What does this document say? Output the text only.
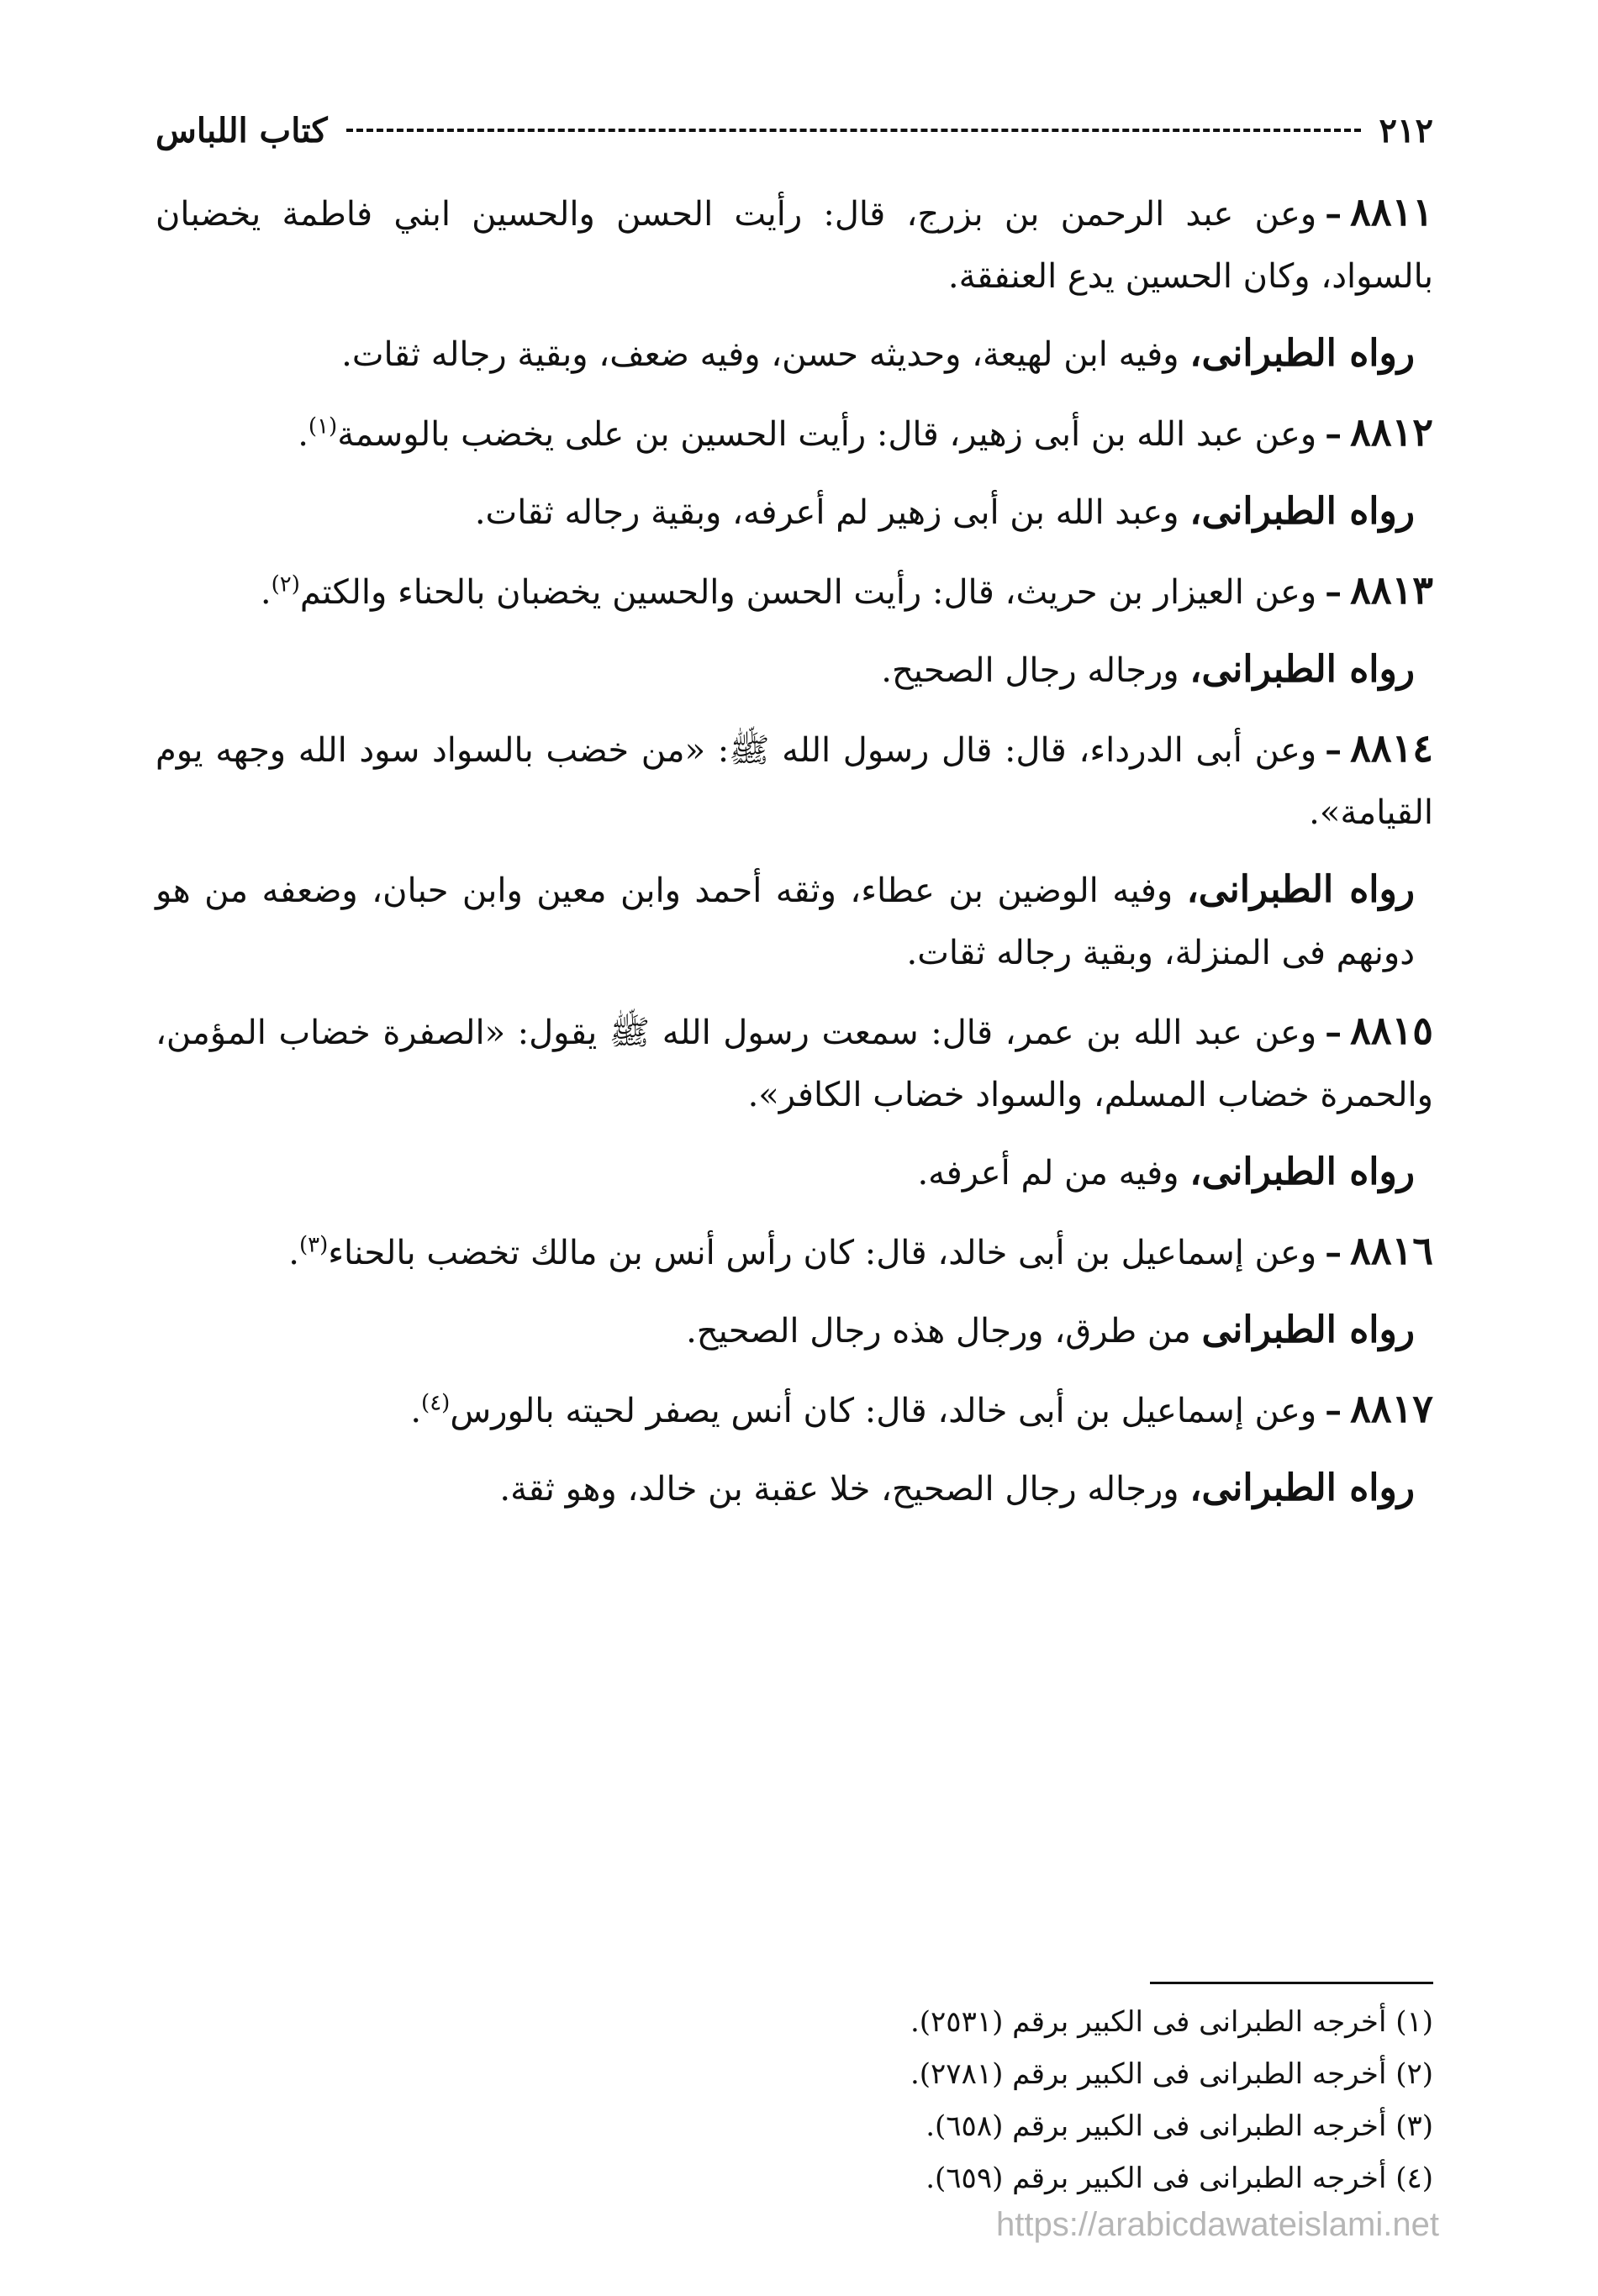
٢١٢
كتاب اللباس

٨٨١١–وعن عبد الرحمن بن بزرج، قال: رأيت الحسن والحسين ابني فاطمة يخضبان بالسواد، وكان الحسين يدع العنفقة.

رواه الطبرانى، وفيه ابن لهيعة، وحديثه حسن، وفيه ضعف، وبقية رجاله ثقات.

٨٨١٢–وعن عبد الله بن أبى زهير، قال: رأيت الحسين بن على يخضب بالوسمة$^{(١)}$.

رواه الطبرانى، وعبد الله بن أبى زهير لم أعرفه، وبقية رجاله ثقات.

٨٨١٣–وعن العيزار بن حريث، قال: رأيت الحسن والحسين يخضبان بالحناء والكتم$^{(٢)}$.

رواه الطبرانى، ورجاله رجال الصحيح.

٨٨١٤–وعن أبى الدرداء، قال: قال رسول الله ﷺ: «من خضب بالسواد سود الله وجهه يوم القيامة».

رواه الطبرانى، وفيه الوضين بن عطاء، وثقه أحمد وابن معين وابن حبان، وضعفه من هو دونهم فى المنزلة، وبقية رجاله ثقات.

٨٨١٥–وعن عبد الله بن عمر، قال: سمعت رسول الله ﷺ يقول: «الصفرة خضاب المؤمن، والحمرة خضاب المسلم، والسواد خضاب الكافر».

رواه الطبرانى، وفيه من لم أعرفه.

٨٨١٦–وعن إسماعيل بن أبى خالد، قال: كان رأس أنس بن مالك تخضب بالحناء$^{(٣)}$.

رواه الطبرانى من طرق، ورجال هذه رجال الصحيح.

٨٨١٧–وعن إسماعيل بن أبى خالد، قال: كان أنس يصفر لحيته بالورس$^{(٤)}$.

رواه الطبرانى، ورجاله رجال الصحيح، خلا عقبة بن خالد، وهو ثقة.

(١) أخرجه الطبرانى فى الكبير برقم (٢٥٣١).
(٢) أخرجه الطبرانى فى الكبير برقم (٢٧٨١).
(٣) أخرجه الطبرانى فى الكبير برقم (٦٥٨).
(٤) أخرجه الطبرانى فى الكبير برقم (٦٥٩).
https://arabicdawateislami.net
